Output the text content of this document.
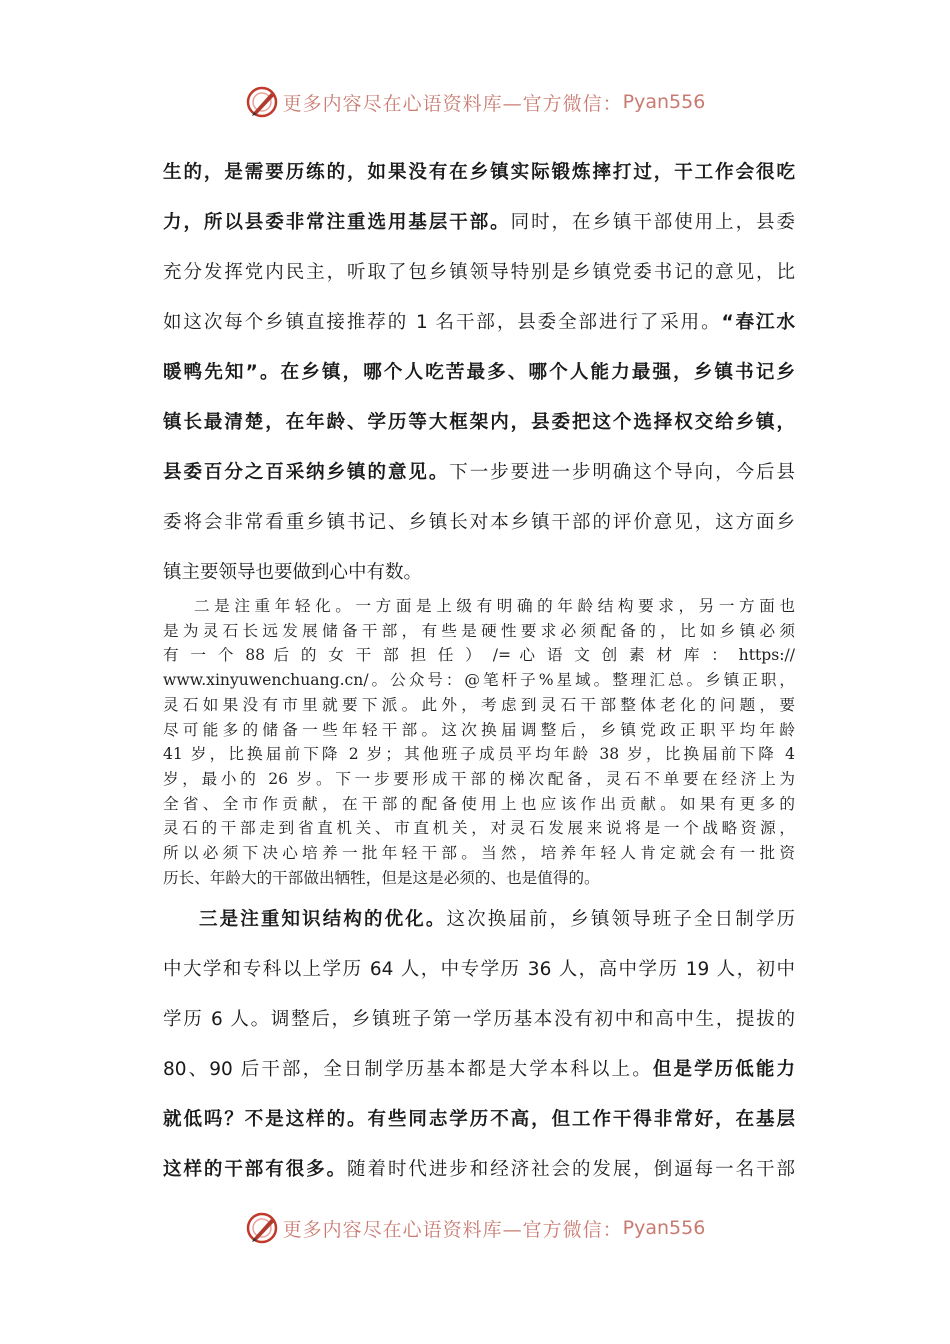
更多内容尽在心语资料库—官方微信： Pyan556
生的，是需要历练的，如果没有在乡镇实际锻炼摔打过，干工作会很吃
力，所以县委非常注重选用基层干部。同时，在乡镇干部使用上，县委
充分发挥党内民主，听取了包乡镇领导特别是乡镇党委书记的意见，比
如这次每个乡镇直接推荐的 1 名干部，县委全部进行了采用。“春江水
暖鸭先知”。在乡镇，哪个人吃苦最多、哪个人能力最强，乡镇书记乡
镇长最清楚，在年龄、学历等大框架内，县委把这个选择权交给乡镇，
县委百分之百采纳乡镇的意见。下一步要进一步明确这个导向，今后县
委将会非常看重乡镇书记、乡镇长对本乡镇干部的评价意见，这方面乡
镇主要领导也要做到心中有数。
二是注重年轻化。一方面是上级有明确的年龄结构要求，另一方面也
是为灵石长远发展储备干部，有些是硬性要求必须配备的，比如乡镇必须
有 一 个 88 后 的 女 干 部 担 任 ） /= 心 语 文 创 素 材 库 ： https://
www.xinyuwenchuang.cn/。公众号：@笔杆子%星域。整理汇总。乡镇正职，
灵石如果没有市里就要下派。此外，考虑到灵石干部整体老化的问题，要
尽可能多的储备一些年轻干部。这次换届调整后，乡镇党政正职平均年龄
41 岁，比换届前下降 2 岁；其他班子成员平均年龄 38 岁，比换届前下降 4
岁，最小的 26 岁。下一步要形成干部的梯次配备，灵石不单要在经济上为
全省、全市作贡献，在干部的配备使用上也应该作出贡献。如果有更多的
灵石的干部走到省直机关、市直机关，对灵石发展来说将是一个战略资源，
所以必须下决心培养一批年轻干部。当然，培养年轻人肯定就会有一批资
历长、年龄大的干部做出牺牲，但是这是必须的、也是值得的。
三是注重知识结构的优化。这次换届前，乡镇领导班子全日制学历
中大学和专科以上学历 64 人，中专学历 36 人，高中学历 19 人，初中
学历 6 人。调整后，乡镇班子第一学历基本没有初中和高中生，提拔的
80、90 后干部，全日制学历基本都是大学本科以上。但是学历低能力
就低吗？不是这样的。有些同志学历不高，但工作干得非常好，在基层
这样的干部有很多。随着时代进步和经济社会的发展，倒逼每一名干部
更多内容尽在心语资料库—官方微信： Pyan556
